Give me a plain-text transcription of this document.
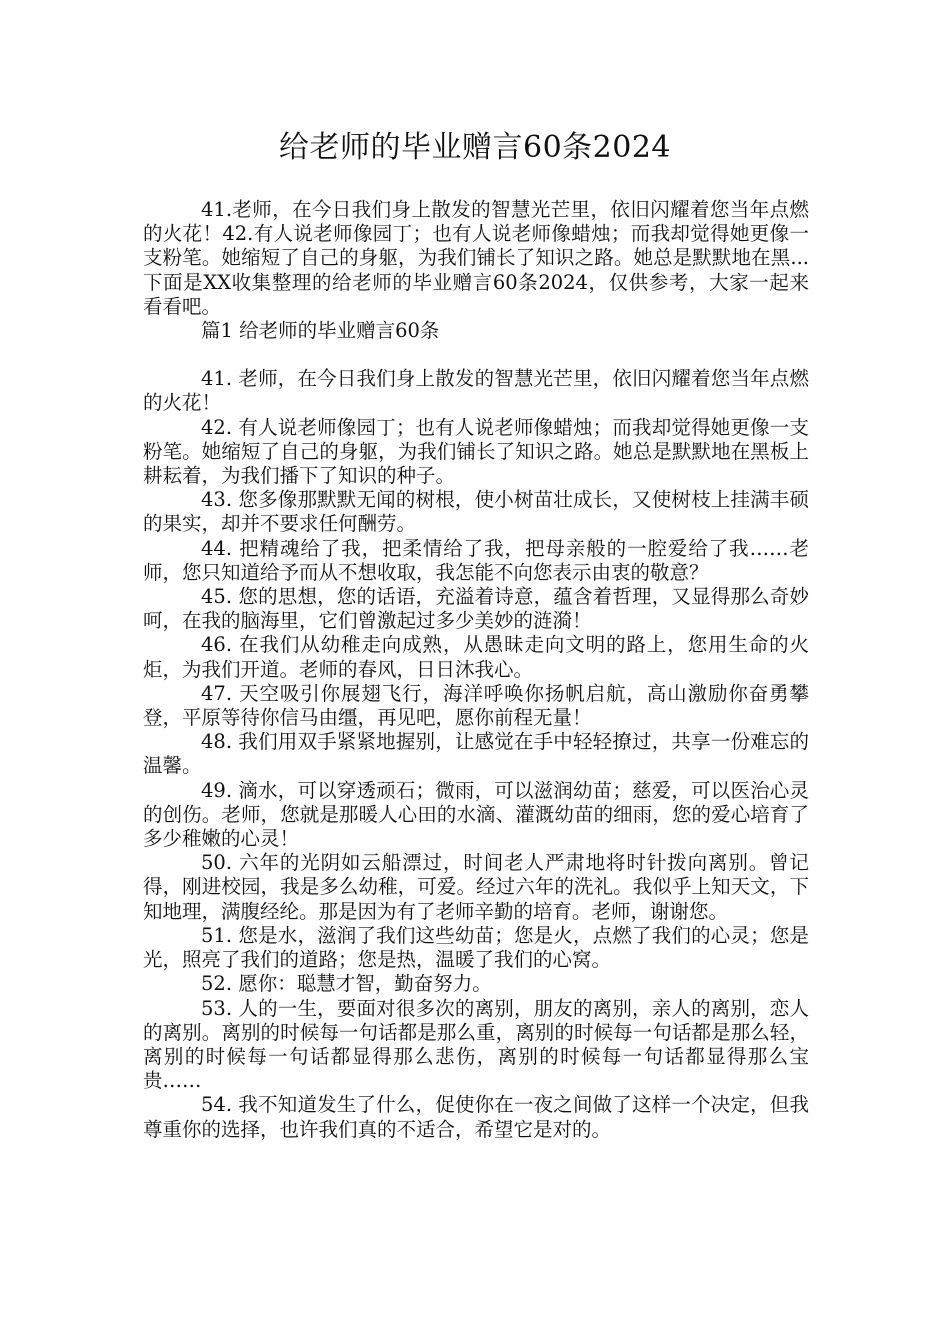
给老师的毕业赠言60条2024

41.老师，在今日我们身上散发的智慧光芒里，依旧闪耀着您当年点燃的火花！42.有人说老师像园丁；也有人说老师像蜡烛；而我却觉得她更像一支粉笔。她缩短了自己的身躯，为我们铺长了知识之路。她总是默默地在黑...下面是XX收集整理的给老师的毕业赠言60条2024，仅供参考，大家一起来看看吧。

篇1 给老师的毕业赠言60条

41. 老师，在今日我们身上散发的智慧光芒里，依旧闪耀着您当年点燃的火花！

42. 有人说老师像园丁；也有人说老师像蜡烛；而我却觉得她更像一支粉笔。她缩短了自己的身躯，为我们铺长了知识之路。她总是默默地在黑板上耕耘着，为我们播下了知识的种子。

43. 您多像那默默无闻的树根，使小树苗壮成长，又使树枝上挂满丰硕的果实，却并不要求任何酬劳。

44. 把精魂给了我，把柔情给了我，把母亲般的一腔爱给了我……老师，您只知道给予而从不想收取，我怎能不向您表示由衷的敬意？

45. 您的思想，您的话语，充溢着诗意，蕴含着哲理，又显得那么奇妙呵，在我的脑海里，它们曾激起过多少美妙的涟漪！

46. 在我们从幼稚走向成熟，从愚昧走向文明的路上，您用生命的火炬，为我们开道。老师的春风，日日沐我心。

47. 天空吸引你展翅飞行，海洋呼唤你扬帆启航，高山激励你奋勇攀登，平原等待你信马由缰，再见吧，愿你前程无量！

48. 我们用双手紧紧地握别，让感觉在手中轻轻撩过，共享一份难忘的温馨。

49. 滴水，可以穿透顽石；微雨，可以滋润幼苗；慈爱，可以医治心灵的创伤。老师，您就是那暖人心田的水滴、灌溉幼苗的细雨，您的爱心培育了多少稚嫩的心灵！

50. 六年的光阴如云船漂过，时间老人严肃地将时针拨向离别。曾记得，刚进校园，我是多么幼稚，可爱。经过六年的洗礼。我似乎上知天文，下知地理，满腹经纶。那是因为有了老师辛勤的培育。老师，谢谢您。

51. 您是水，滋润了我们这些幼苗；您是火，点燃了我们的心灵；您是光，照亮了我们的道路；您是热，温暖了我们的心窝。

52. 愿你：聪慧才智，勤奋努力。

53. 人的一生，要面对很多次的离别，朋友的离别，亲人的离别，恋人的离别。离别的时候每一句话都是那么重，离别的时候每一句话都是那么轻，离别的时候每一句话都显得那么悲伤，离别的时候每一句话都显得那么宝贵……

54. 我不知道发生了什么，促使你在一夜之间做了这样一个决定，但我尊重你的选择，也许我们真的不适合，希望它是对的。
